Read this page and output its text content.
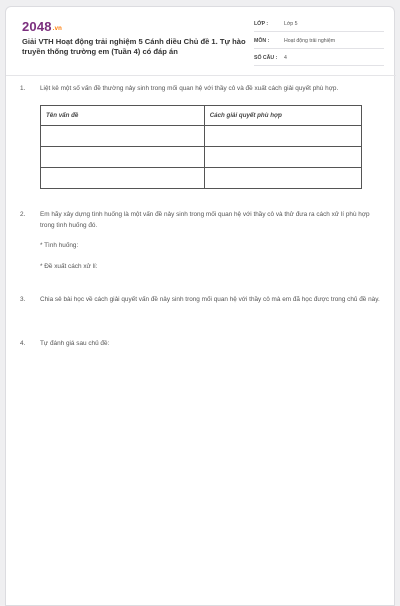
2048.vn
Giải VTH Hoạt động trải nghiệm 5 Cánh diều Chủ đề 1. Tự hào truyền thống trường em (Tuần 4) có đáp án
LỚP :	Lớp 5
MÔN :	Hoạt động trải nghiệm
SỐ CÂU : 4
1. Liệt kê một số vấn đề thường nảy sinh trong mối quan hệ với thầy cô và đề xuất cách giải quyết phù hợp.
Tên vấn đề	Cách giải quyết phù hợp

2. Em hãy xây dựng tình huống là một vấn đề nảy sinh trong mối quan hệ với thầy cô và thử đưa ra cách xử lí phù hợp trong tình huống đó.
* Tình huống:
* Đề xuất cách xử lí:
3. Chia sẻ bài học về cách giải quyết vấn đề nảy sinh trong mối quan hệ với thầy cô mà em đã học được trong chủ đề này.
4. Tự đánh giá sau chủ đề:
